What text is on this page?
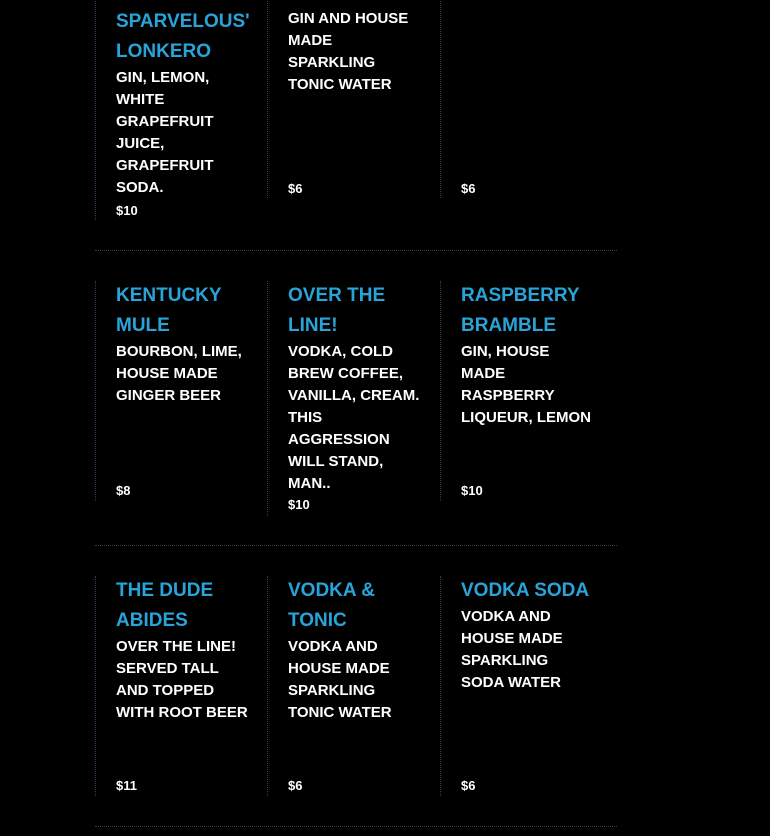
SPARVELOUS' LONKERO
GIN, LEMON, WHITE GRAPEFRUIT JUICE, GRAPEFRUIT SODA.
$10
GIN AND HOUSE MADE SPARKLING TONIC WATER
$6	$6
KENTUCKY MULE
BOURBON, LIME, HOUSE MADE GINGER BEER
$8
OVER THE LINE!
VODKA, COLD BREW COFFEE, VANILLA, CREAM. THIS AGGRESSION WILL STAND, MAN..
$10
RASPBERRY BRAMBLE
GIN, HOUSE MADE RASPBERRY LIQUEUR, LEMON
$10
THE DUDE ABIDES
OVER THE LINE! SERVED TALL AND TOPPED WITH ROOT BEER
$11
VODKA & TONIC
VODKA AND HOUSE MADE SPARKLING TONIC WATER
$6
VODKA SODA
VODKA AND HOUSE MADE SPARKLING SODA WATER
$6
